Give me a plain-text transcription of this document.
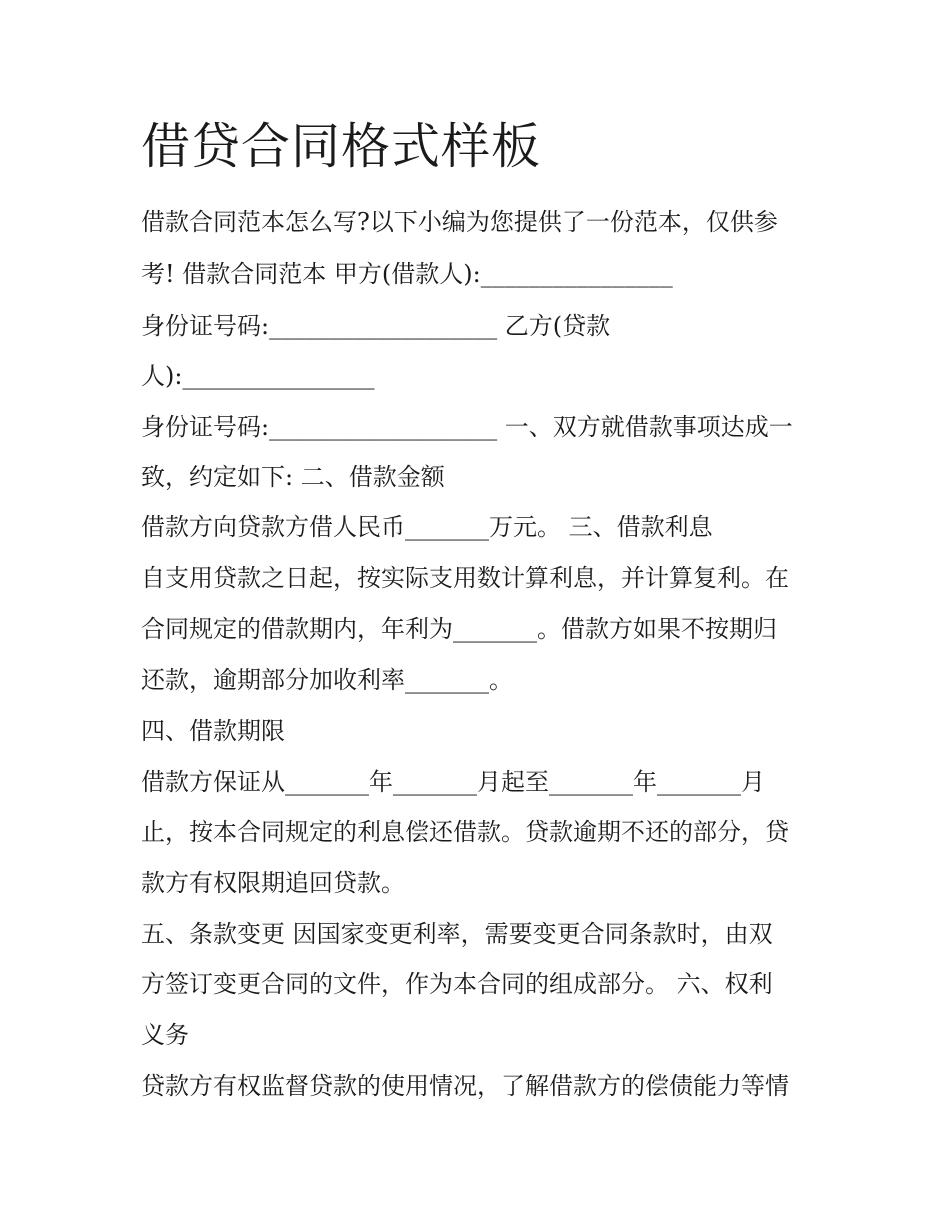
借贷合同格式样板

借款合同范本怎么写?以下小编为您提供了一份范本，仅供参

考! 借款合同范本 甲方(借款人):________________

身份证号码:___________________ 乙方(贷款

人):________________

身份证号码:___________________ 一、双方就借款事项达成一

致，约定如下: 二、借款金额

借款方向贷款方借人民币_______万元。 三、借款利息

自支用贷款之日起，按实际支用数计算利息，并计算复利。在

合同规定的借款期内，年利为_______。借款方如果不按期归

还款，逾期部分加收利率_______。

四、借款期限

借款方保证从_______年_______月起至_______年_______月

止，按本合同规定的利息偿还借款。贷款逾期不还的部分，贷

款方有权限期追回贷款。

五、条款变更 因国家变更利率，需要变更合同条款时，由双

方签订变更合同的文件，作为本合同的组成部分。 六、权利

义务

贷款方有权监督贷款的使用情况，了解借款方的偿债能力等情
